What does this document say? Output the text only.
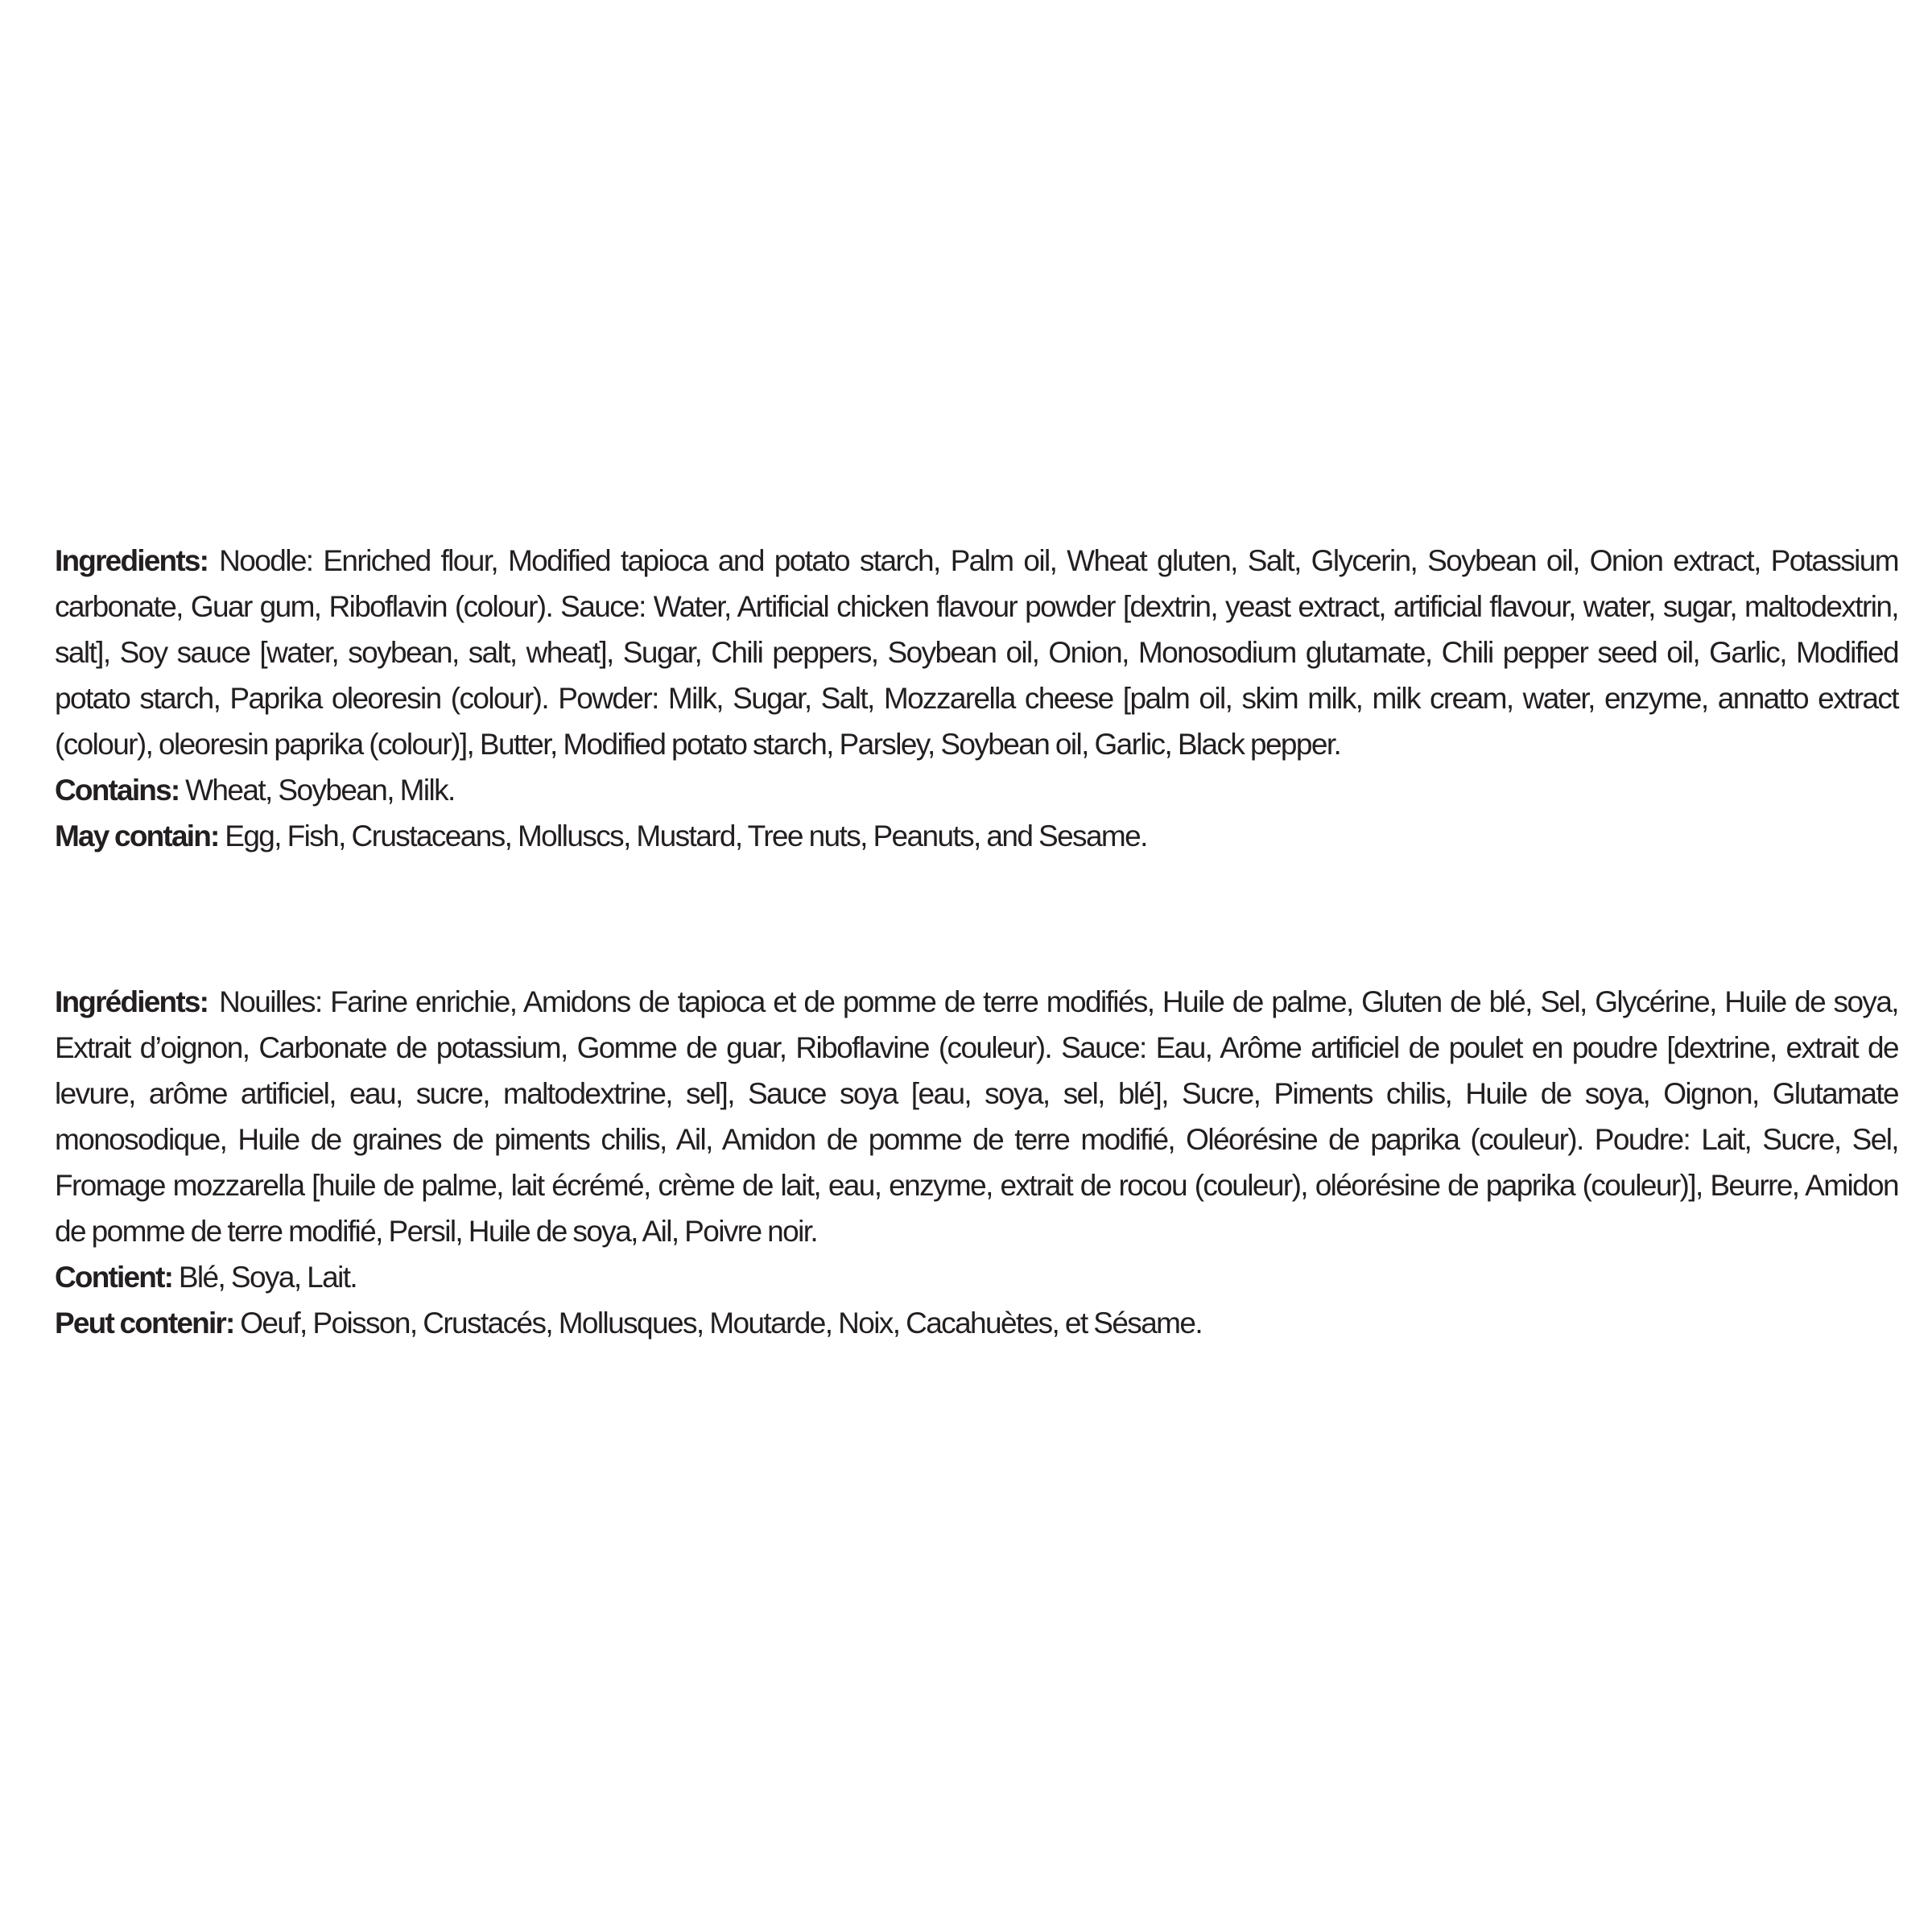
Ingredients: Noodle: Enriched flour, Modified tapioca and potato starch, Palm oil, Wheat gluten, Salt, Glycerin, Soybean oil, Onion extract, Potassium carbonate, Guar gum, Riboflavin (colour). Sauce: Water, Artificial chicken flavour powder [dextrin, yeast extract, artificial flavour, water, sugar, maltodextrin, salt], Soy sauce [water, soybean, salt, wheat], Sugar, Chili peppers, Soybean oil, Onion, Monosodium glutamate, Chili pepper seed oil, Garlic, Modified potato starch, Paprika oleoresin (colour). Powder: Milk, Sugar, Salt, Mozzarella cheese [palm oil, skim milk, milk cream, water, enzyme, annatto extract (colour), oleoresin paprika (colour)], Butter, Modified potato starch, Parsley, Soybean oil, Garlic, Black pepper.

Contains: Wheat, Soybean, Milk.

May contain: Egg, Fish, Crustaceans, Molluscs, Mustard, Tree nuts, Peanuts, and Sesame.

Ingrédients: Nouilles: Farine enrichie, Amidons de tapioca et de pomme de terre modifiés, Huile de palme, Gluten de blé, Sel, Glycérine, Huile de soya, Extrait d’oignon, Carbonate de potassium, Gomme de guar, Riboflavine (couleur). Sauce: Eau, Arôme artificiel de poulet en poudre [dextrine, extrait de levure, arôme artificiel, eau, sucre, maltodextrine, sel], Sauce soya [eau, soya, sel, blé], Sucre, Piments chilis, Huile de soya, Oignon, Glutamate monosodique, Huile de graines de piments chilis, Ail, Amidon de pomme de terre modifié, Oléorésine de paprika (couleur). Poudre: Lait, Sucre, Sel, Fromage mozzarella [huile de palme, lait écrémé, crème de lait, eau, enzyme, extrait de rocou (couleur), oléorésine de paprika (couleur)], Beurre, Amidon de pomme de terre modifié, Persil, Huile de soya, Ail, Poivre noir.

Contient: Blé, Soya, Lait.

Peut contenir: Oeuf, Poisson, Crustacés, Mollusques, Moutarde, Noix, Cacahuètes, et Sésame.
